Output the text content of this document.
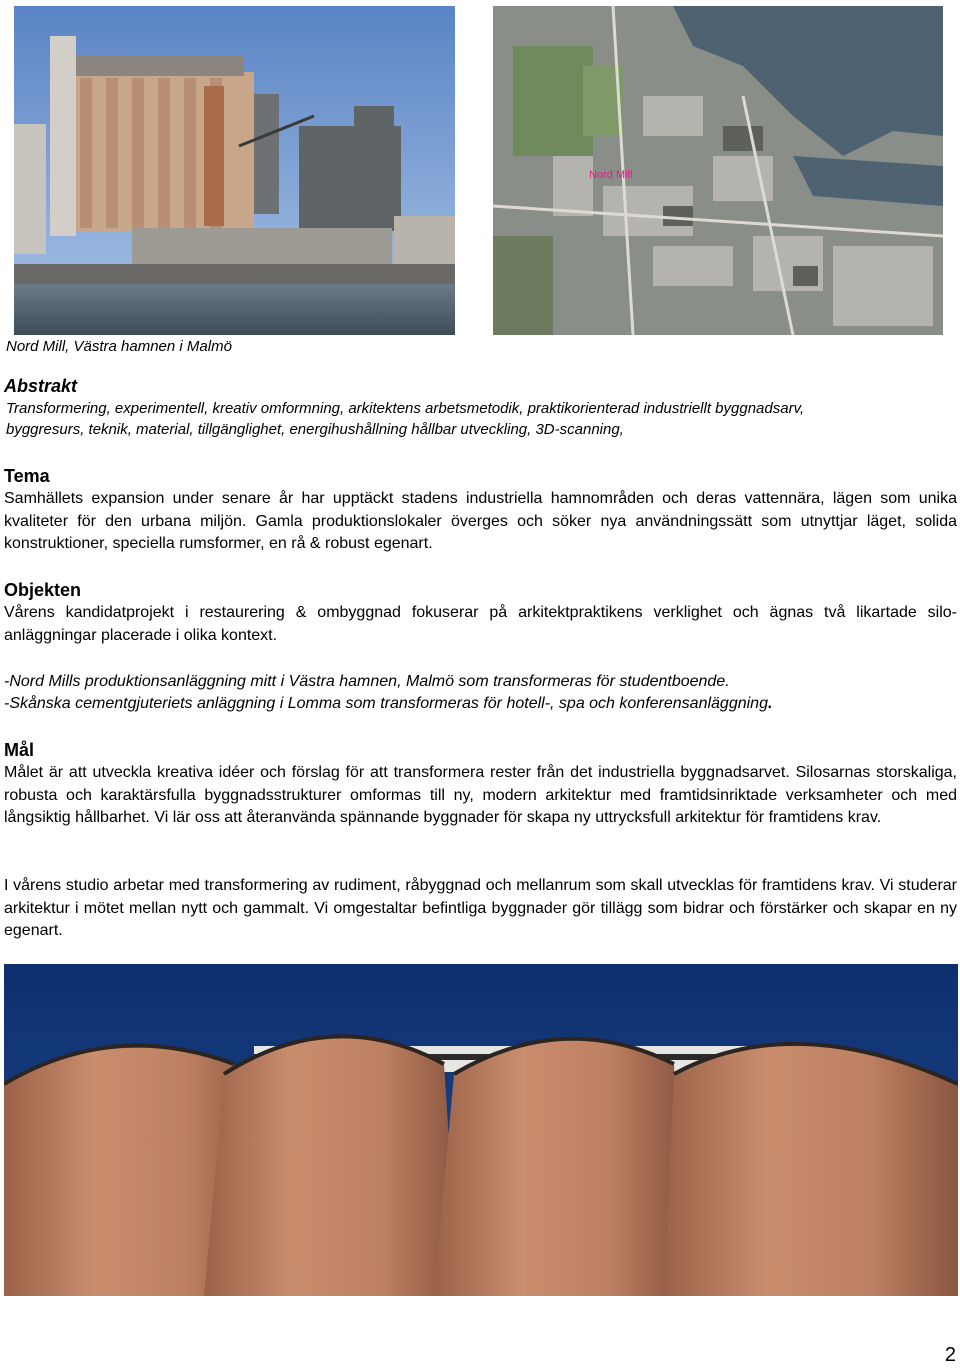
Nord Mill
Nord Mill, Västra hamnen i Malmö
Abstrakt
Transformering, experimentell, kreativ omformning, arkitektens arbetsmetodik, praktikorienterad industriellt byggnadsarv,
byggresurs, teknik, material, tillgänglighet, energihushållning hållbar utveckling, 3D-scanning,
Tema
Samhällets expansion under senare år har upptäckt stadens industriella hamnområden och deras vattennära, lägen som unika kvaliteter för den urbana miljön. Gamla produktionslokaler överges och söker nya användningssätt som utnyttjar läget, solida konstruktioner, speciella rumsformer, en rå & robust egenart.
Objekten
Vårens kandidatprojekt i restaurering & ombyggnad fokuserar på arkitektpraktikens verklighet och ägnas två likartade silo-anläggningar placerade i olika kontext.
-Nord Mills produktionsanläggning mitt i Västra hamnen, Malmö som transformeras för studentboende.
-Skånska cementgjuteriets anläggning i Lomma som transformeras för hotell-, spa och konferensanläggning.
Mål
Målet är att utveckla kreativa idéer och förslag för att transformera rester från det industriella byggnadsarvet. Silosarnas storskaliga, robusta och karaktärsfulla byggnadsstrukturer omformas till ny, modern arkitektur med framtidsinriktade verksamheter och med långsiktig hållbarhet. Vi lär oss att återanvända spännande byggnader för skapa ny uttrycksfull arkitektur för framtidens krav.
I vårens studio arbetar med transformering av rudiment, råbyggnad och mellanrum som skall utvecklas för framtidens krav. Vi studerar arkitektur i mötet mellan nytt och gammalt. Vi omgestaltar befintliga byggnader gör tillägg som bidrar och förstärker och skapar en ny egenart.
2
